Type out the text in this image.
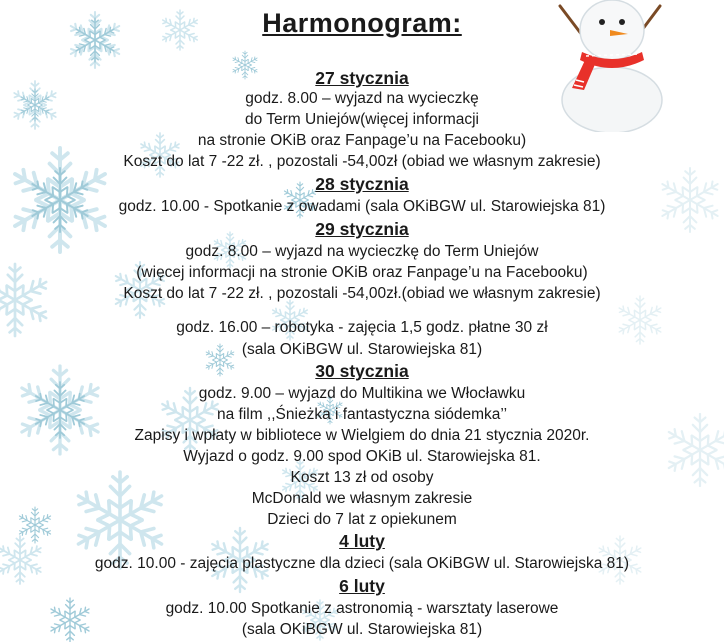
Harmonogram:
27 stycznia
godz. 8.00 – wyjazd na wycieczkę
do Term Uniejów(więcej informacji
na stronie OKiB oraz Fanpage’u na Facebooku)
Koszt do lat 7 -22 zł. , pozostali -54,00zł (obiad we własnym zakresie)
28 stycznia
godz. 10.00 - Spotkanie z owadami (sala OKiBGW ul. Starowiejska 81)
29 stycznia
godz. 8.00 – wyjazd na wycieczkę do Term Uniejów
(więcej informacji na stronie OKiB oraz Fanpage’u na Facebooku)
Koszt do lat 7 -22 zł. , pozostali -54,00zł.(obiad we własnym zakresie)
godz. 16.00 – robotyka - zajęcia 1,5 godz. płatne 30 zł
(sala OKiBGW ul. Starowiejska 81)
30 stycznia
godz. 9.00 – wyjazd do Multikina we Włocławku
na film ,,Śnieżka i fantastyczna siódemka’’
Zapisy i wpłaty w bibliotece w Wielgiem do dnia 21 stycznia 2020r.
Wyjazd o godz. 9.00 spod OKiB ul. Starowiejska 81.
Koszt 13 zł od osoby
McDonald we własnym zakresie
Dzieci do 7 lat z opiekunem
4 luty
godz. 10.00 - zajęcia plastyczne dla dzieci (sala OKiBGW ul. Starowiejska 81)
6 luty
godz. 10.00 Spotkanie z astronomią - warsztaty laserowe
(sala OKiBGW ul. Starowiejska 81)
